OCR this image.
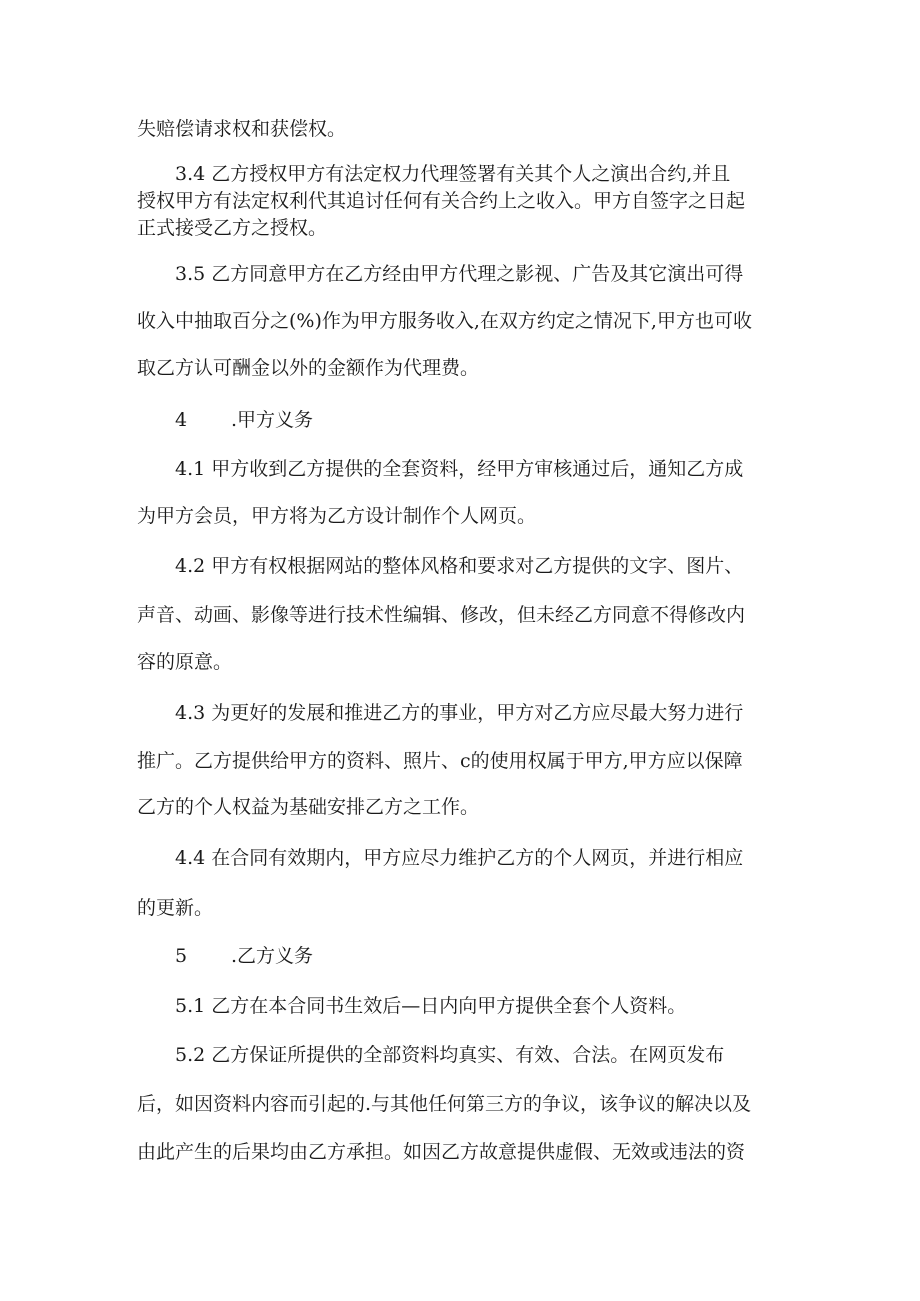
失赔偿请求权和获偿权。
3.4 乙方授权甲方有法定权力代理签署有关其个人之演出合约,并且
授权甲方有法定权利代其追讨任何有关合约上之收入。甲方自签字之日起
正式接受乙方之授权。
3.5 乙方同意甲方在乙方经由甲方代理之影视、广告及其它演出可得
收入中抽取百分之(%)作为甲方服务收入,在双方约定之情况下,甲方也可收
取乙方认可酬金以外的金额作为代理费。
4 .甲方义务
4.1 甲方收到乙方提供的全套资料，经甲方审核通过后，通知乙方成
为甲方会员，甲方将为乙方设计制作个人网页。
4.2 甲方有权根据网站的整体风格和要求对乙方提供的文字、图片、
声音、动画、影像等进行技术性编辑、修改，但未经乙方同意不得修改内
容的原意。
4.3 为更好的发展和推进乙方的事业，甲方对乙方应尽最大努力进行
推广。乙方提供给甲方的资料、照片、c的使用权属于甲方,甲方应以保障
乙方的个人权益为基础安排乙方之工作。
4.4 在合同有效期内，甲方应尽力维护乙方的个人网页，并进行相应
的更新。
5 .乙方义务
5.1 乙方在本合同书生效后—日内向甲方提供全套个人资料。
5.2 乙方保证所提供的全部资料均真实、有效、合法。在网页发布
后，如因资料内容而引起的.与其他任何第三方的争议，该争议的解决以及
由此产生的后果均由乙方承担。如因乙方故意提供虚假、无效或违法的资
